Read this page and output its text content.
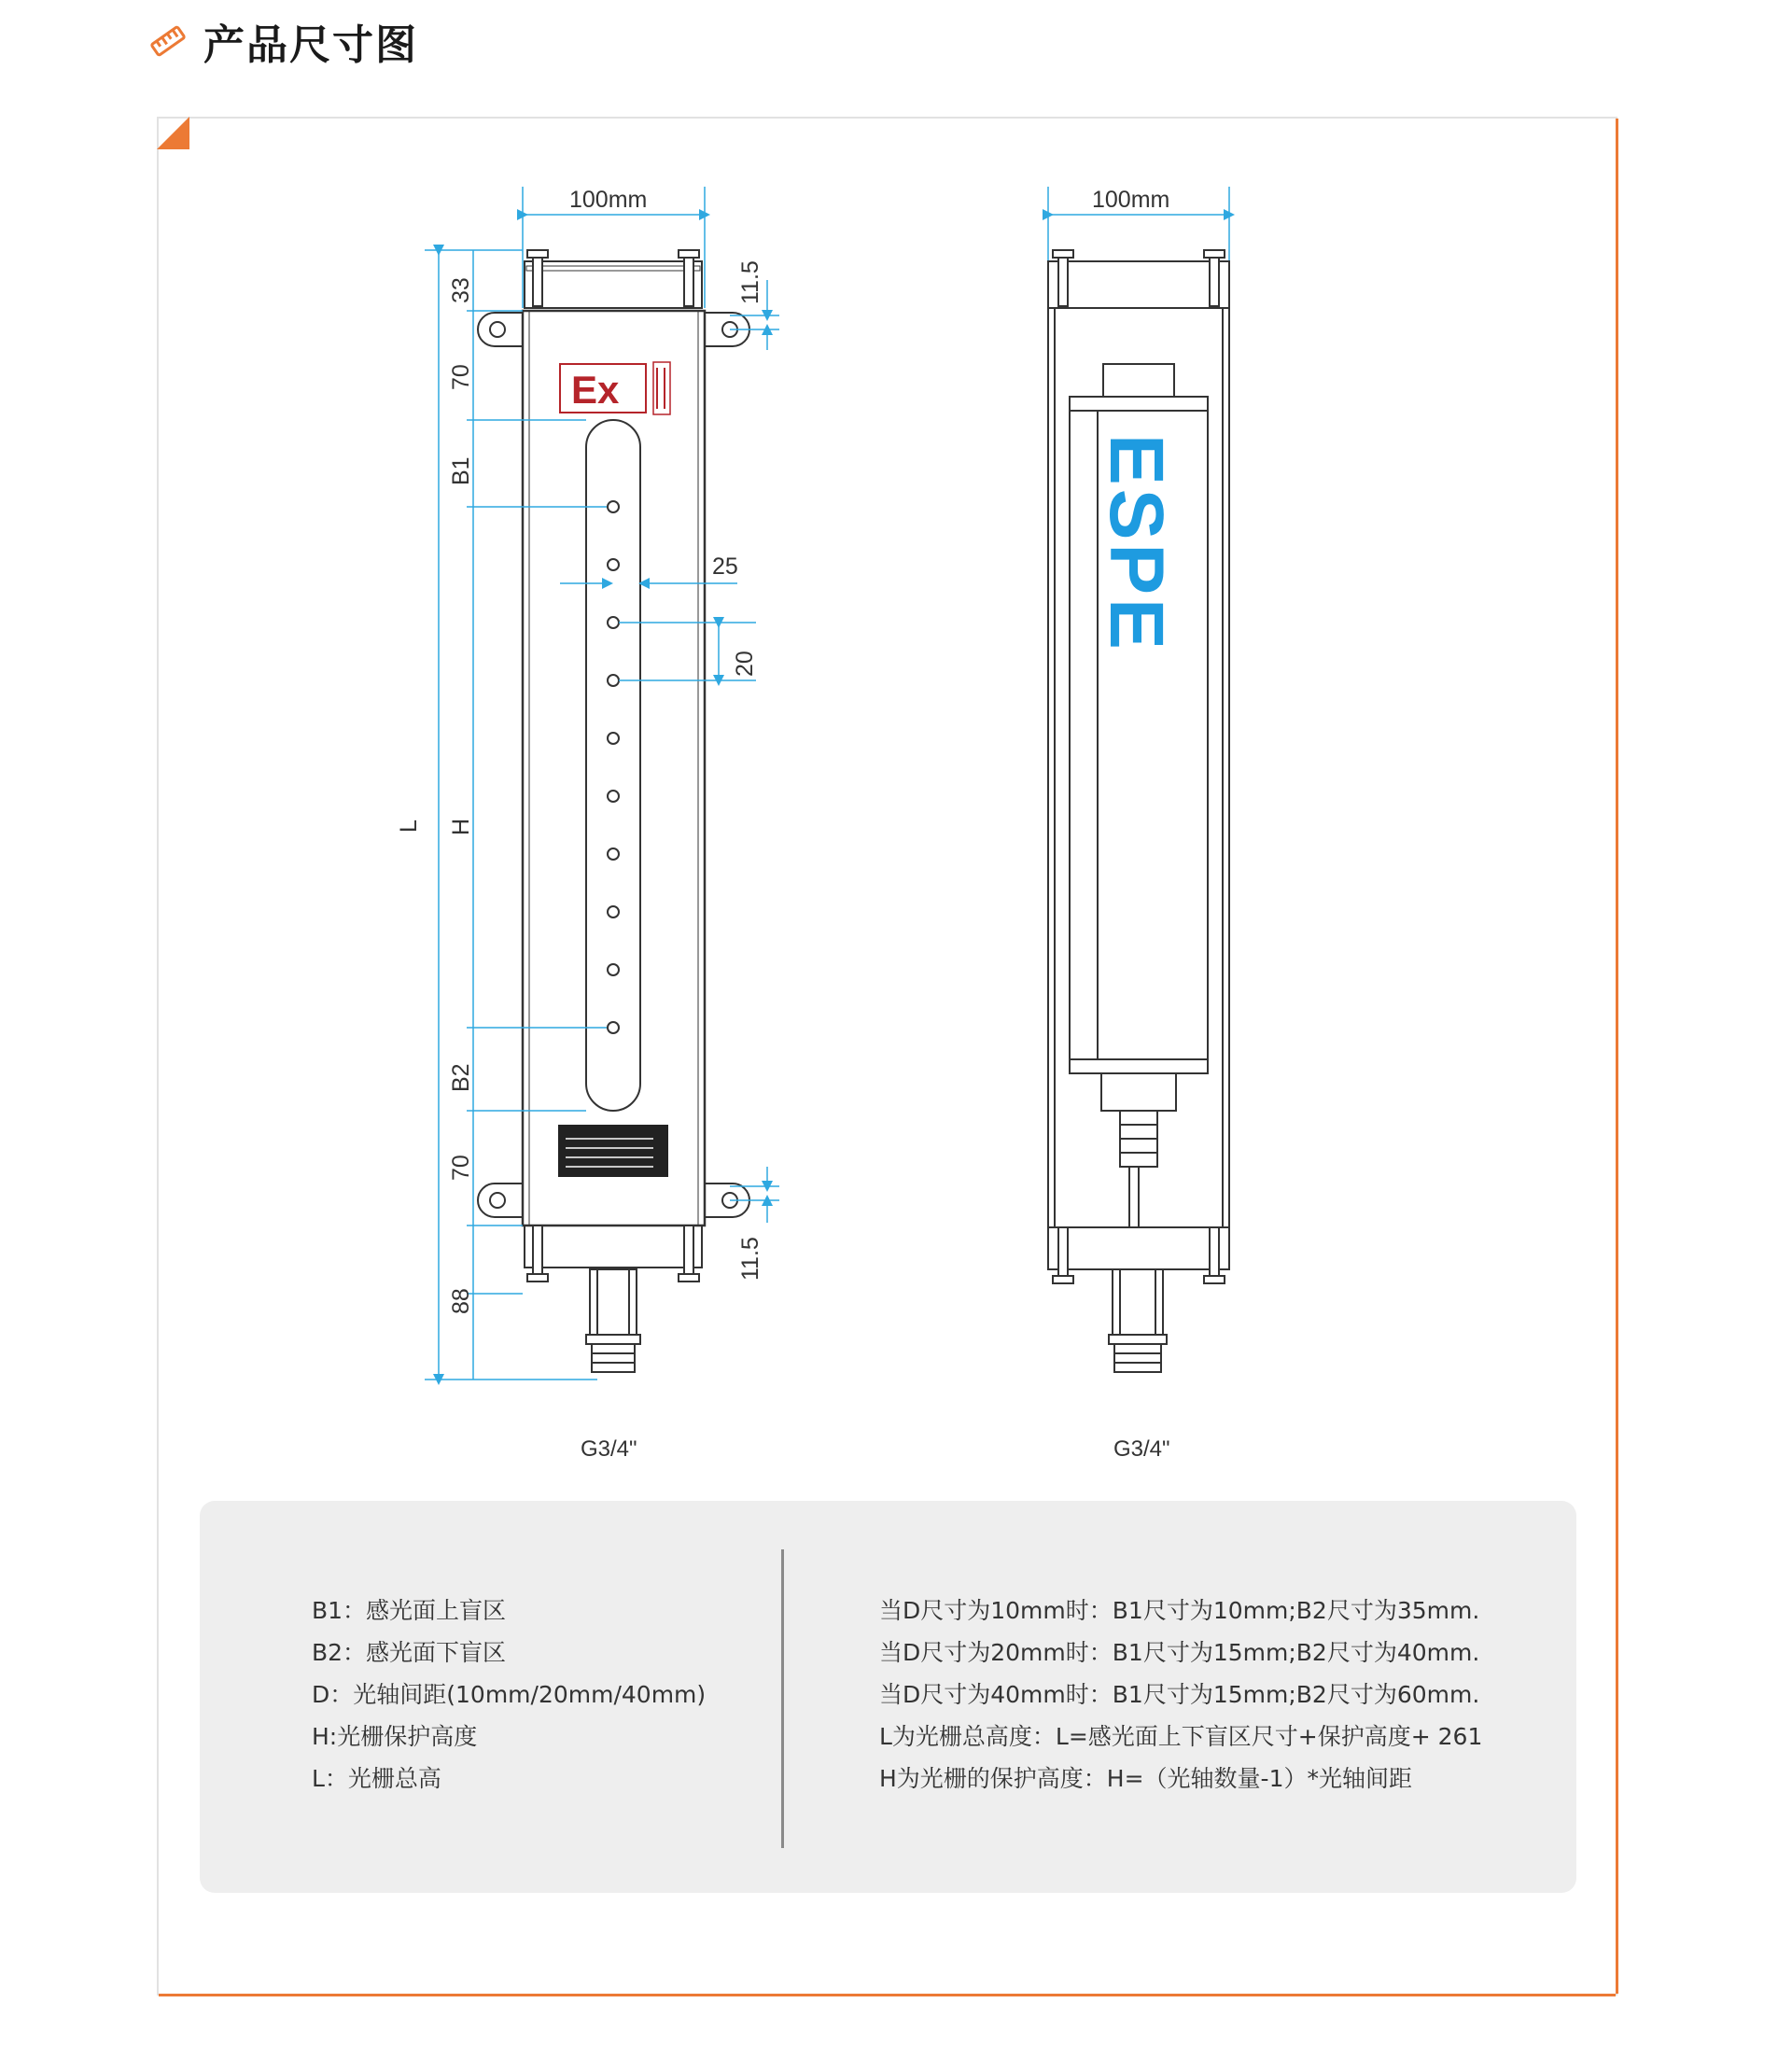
产品尺寸图
100mm
Ex
33
70
B1
H
L
B2
70
88
11.5
11.5
25
20
G3/4"
100mm
ESPE
G3/4"
B1：感光面上盲区
B2：感光面下盲区
D：光轴间距(10mm/20mm/40mm)
H:光栅保护高度
L：光栅总高
当D尺寸为10mm时：B1尺寸为10mm;B2尺寸为35mm.
当D尺寸为20mm时：B1尺寸为15mm;B2尺寸为40mm.
当D尺寸为40mm时：B1尺寸为15mm;B2尺寸为60mm.
L为光栅总高度：L=感光面上下盲区尺寸+保护高度+ 261
H为光栅的保护高度：H=（光轴数量-1）*光轴间距
